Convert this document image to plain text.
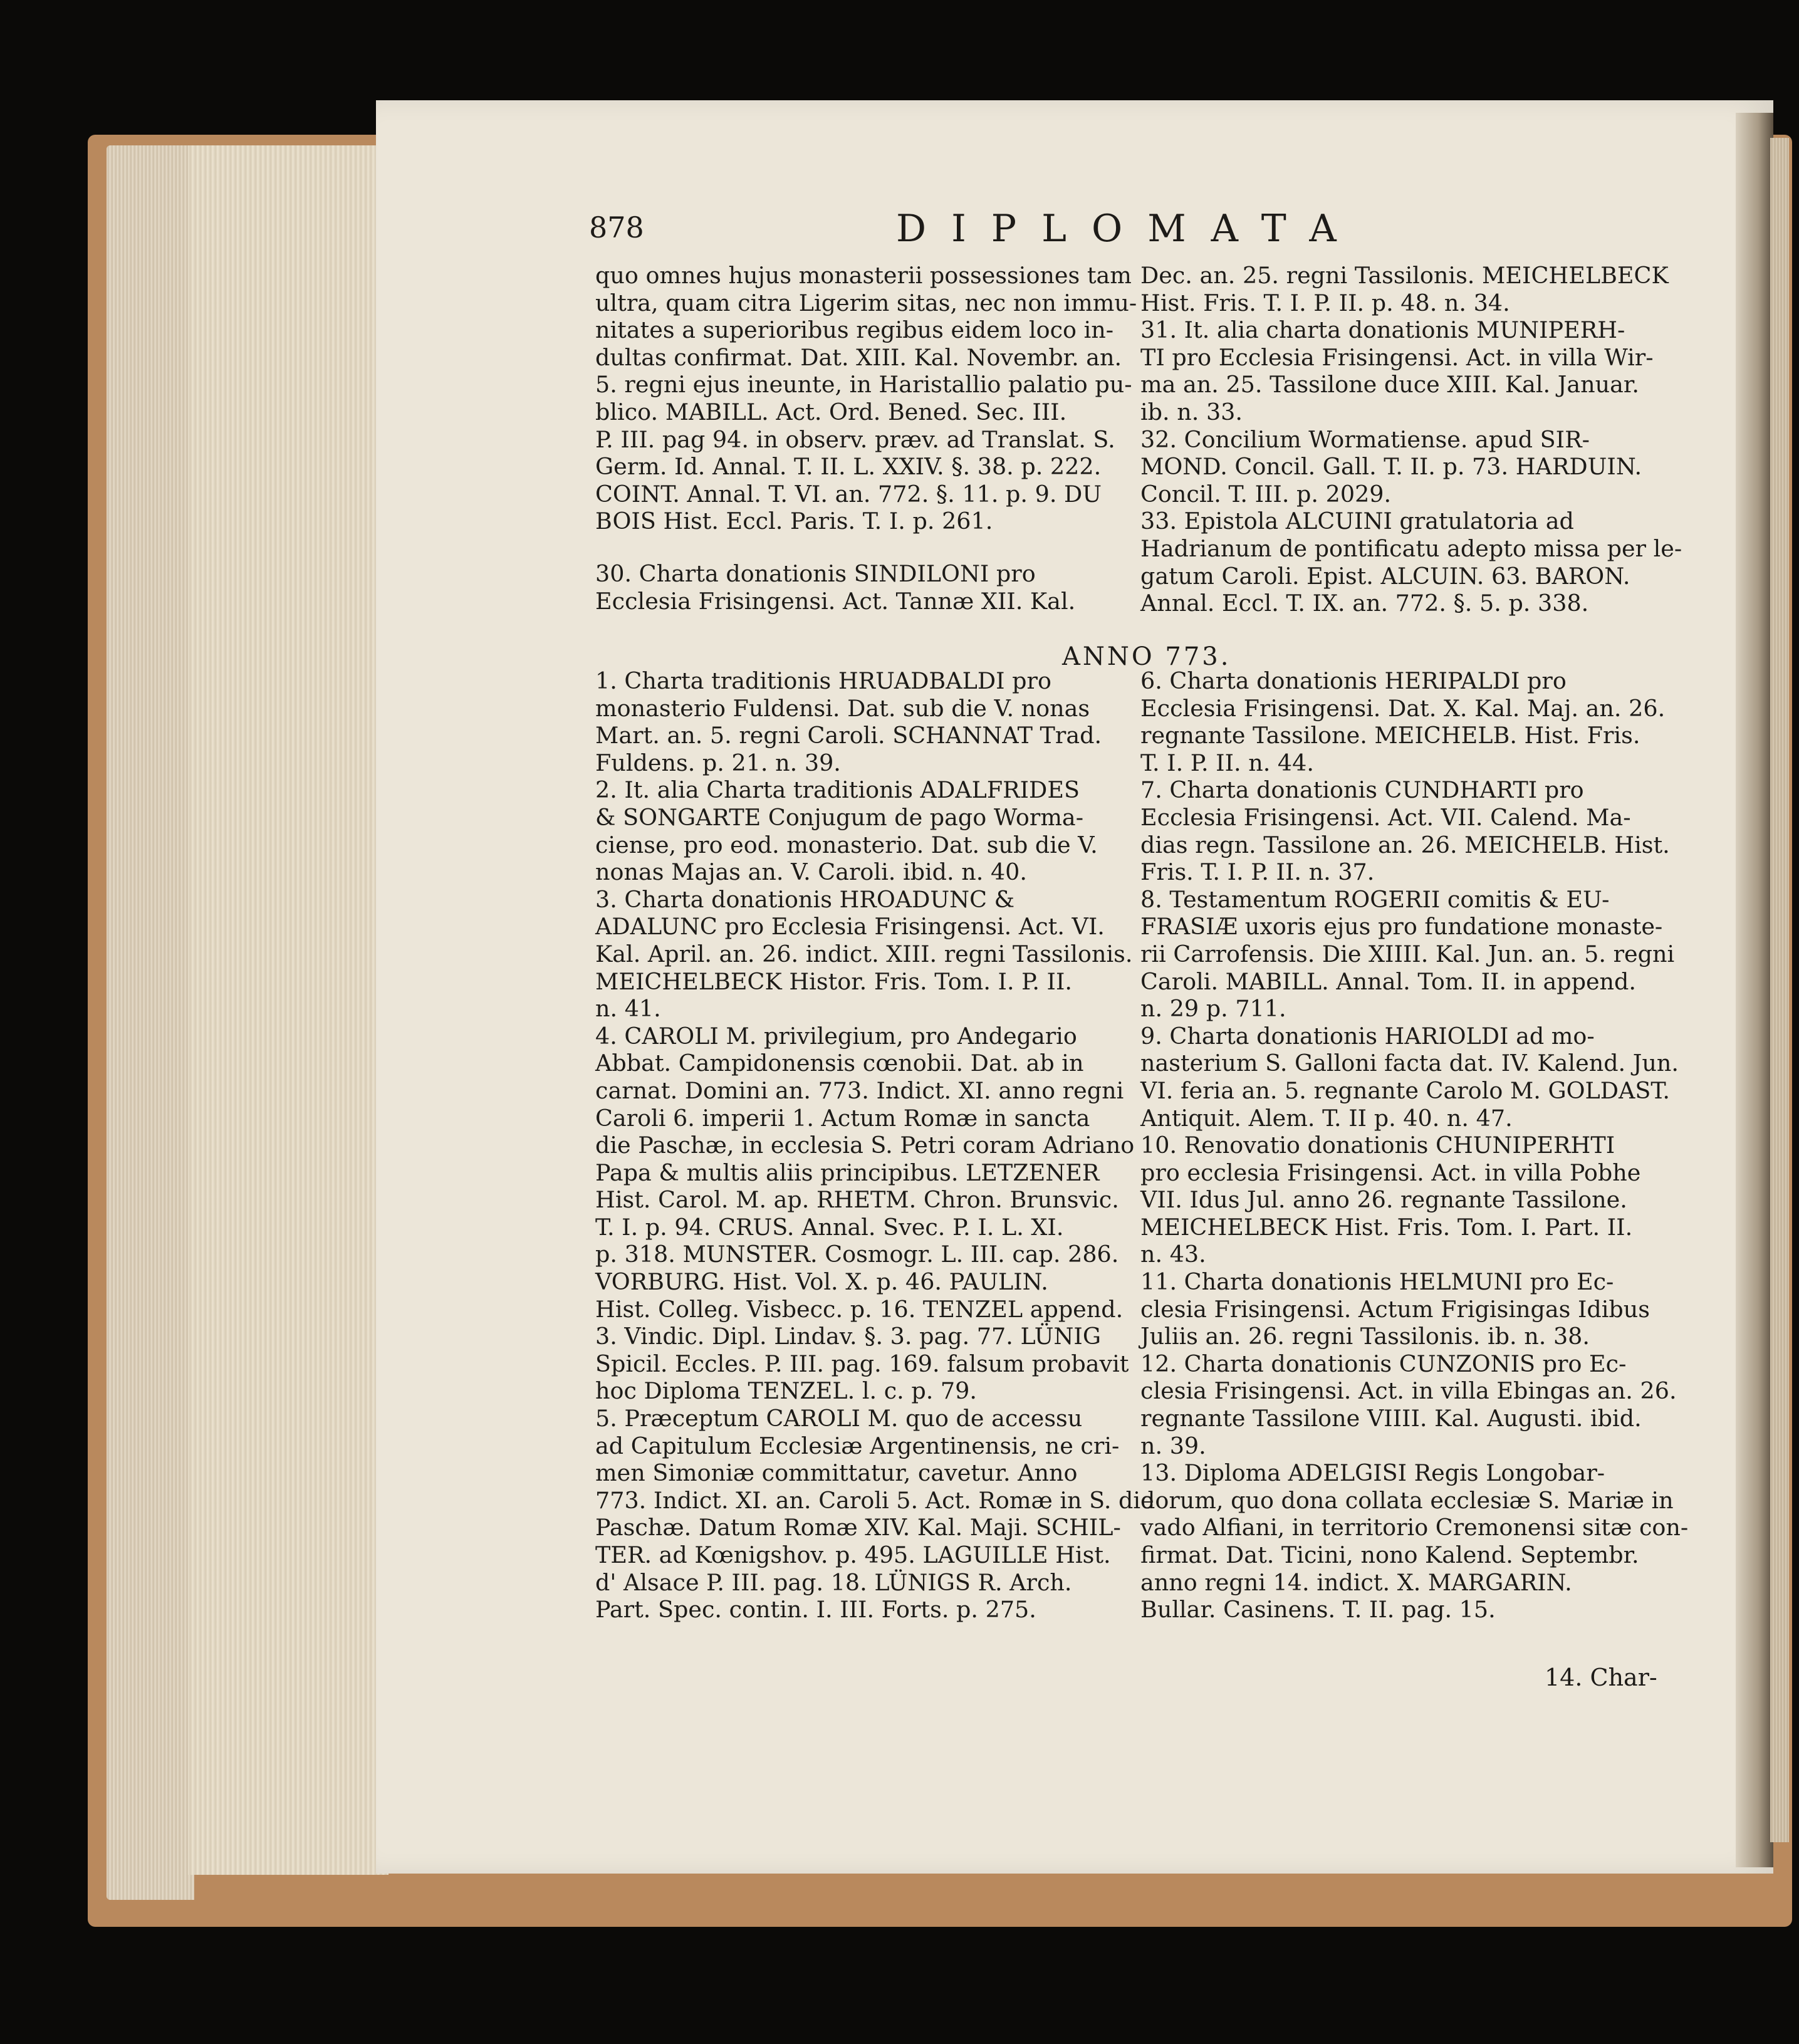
878	DIPLOMATA

quo omnes hujus monasterii possessiones tam

ultra, quam citra Ligerim sitas, nec non immu-

nitates a superioribus regibus eidem loco in-

dultas confirmat. Dat. XIII. Kal. Novembr. an.

5. regni ejus ineunte, in Haristallio palatio pu-

blico. MABILL. Act. Ord. Bened. Sec. III.

P. III. pag 94. in observ. præv. ad Translat. S.

Germ. Id. Annal. T. II. L. XXIV. §. 38. p. 222.

COINT. Annal. T. VI. an. 772. §. 11. p. 9. DU

BOIS Hist. Eccl. Paris. T. I. p. 261.

30. Charta donationis SINDILONI pro

Ecclesia Frisingensi. Act. Tannæ XII. Kal.

Dec. an. 25. regni Tassilonis. MEICHELBECK

Hist. Fris. T. I. P. II. p. 48. n. 34.

31. It. alia charta donationis MUNIPERH-

TI pro Ecclesia Frisingensi. Act. in villa Wir-

ma an. 25. Tassilone duce XIII. Kal. Januar.

ib. n. 33.

32. Concilium Wormatiense. apud SIR-

MOND. Concil. Gall. T. II. p. 73. HARDUIN.

Concil. T. III. p. 2029.

33. Epistola ALCUINI gratulatoria ad

Hadrianum de pontificatu adepto missa per le-

gatum Caroli. Epist. ALCUIN. 63. BARON.

Annal. Eccl. T. IX. an. 772. §. 5. p. 338.

ANNO 773.

1. Charta traditionis HRUADBALDI pro

monasterio Fuldensi. Dat. sub die V. nonas

Mart. an. 5. regni Caroli. SCHANNAT Trad.

Fuldens. p. 21. n. 39.

2. It. alia Charta traditionis ADALFRIDES

& SONGARTE Conjugum de pago Worma-

ciense, pro eod. monasterio. Dat. sub die V.

nonas Majas an. V. Caroli. ibid. n. 40.

3. Charta donationis HROADUNC &

ADALUNC pro Ecclesia Frisingensi. Act. VI.

Kal. April. an. 26. indict. XIII. regni Tassilonis.

MEICHELBECK Histor. Fris. Tom. I. P. II.

n. 41.

4. CAROLI M. privilegium, pro Andegario

Abbat. Campidonensis cœnobii. Dat. ab in

carnat. Domini an. 773. Indict. XI. anno regni

Caroli 6. imperii 1. Actum Romæ in sancta

die Paschæ, in ecclesia S. Petri coram Adriano

Papa & multis aliis principibus. LETZENER

Hist. Carol. M. ap. RHETM. Chron. Brunsvic.

T. I. p. 94. CRUS. Annal. Svec. P. I. L. XI.

p. 318. MUNSTER. Cosmogr. L. III. cap. 286.

VORBURG. Hist. Vol. X. p. 46. PAULIN.

Hist. Colleg. Visbecc. p. 16. TENZEL append.

3. Vindic. Dipl. Lindav. §. 3. pag. 77. LÜNIG

Spicil. Eccles. P. III. pag. 169. falsum probavit

hoc Diploma TENZEL. l. c. p. 79.

5. Præceptum CAROLI M. quo de accessu

ad Capitulum Ecclesiæ Argentinensis, ne cri-

men Simoniæ committatur, cavetur. Anno

773. Indict. XI. an. Caroli 5. Act. Romæ in S. die

Paschæ. Datum Romæ XIV. Kal. Maji. SCHIL-

TER. ad Kœnigshov. p. 495. LAGUILLE Hist.

d' Alsace P. III. pag. 18. LÜNIGS R. Arch.

Part. Spec. contin. I. III. Forts. p. 275.

6. Charta donationis HERIPALDI pro

Ecclesia Frisingensi. Dat. X. Kal. Maj. an. 26.

regnante Tassilone. MEICHELB. Hist. Fris.

T. I. P. II. n. 44.

7. Charta donationis CUNDHARTI pro

Ecclesia Frisingensi. Act. VII. Calend. Ma-

dias regn. Tassilone an. 26. MEICHELB. Hist.

Fris. T. I. P. II. n. 37.

8. Testamentum ROGERII comitis & EU-

FRASIÆ uxoris ejus pro fundatione monaste-

rii Carrofensis. Die XIIII. Kal. Jun. an. 5. regni

Caroli. MABILL. Annal. Tom. II. in append.

n. 29 p. 711.

9. Charta donationis HARIOLDI ad mo-

nasterium S. Galloni facta dat. IV. Kalend. Jun.

VI. feria an. 5. regnante Carolo M. GOLDAST.

Antiquit. Alem. T. II p. 40. n. 47.

10. Renovatio donationis CHUNIPERHTI

pro ecclesia Frisingensi. Act. in villa Pobhe

VII. Idus Jul. anno 26. regnante Tassilone.

MEICHELBECK Hist. Fris. Tom. I. Part. II.

n. 43.

11. Charta donationis HELMUNI pro Ec-

clesia Frisingensi. Actum Frigisingas Idibus

Juliis an. 26. regni Tassilonis. ib. n. 38.

12. Charta donationis CUNZONIS pro Ec-

clesia Frisingensi. Act. in villa Ebingas an. 26.

regnante Tassilone VIIII. Kal. Augusti. ibid.

n. 39.

13. Diploma ADELGISI Regis Longobar-

dorum, quo dona collata ecclesiæ S. Mariæ in

vado Alfiani, in territorio Cremonensi sitæ con-

firmat. Dat. Ticini, nono Kalend. Septembr.

anno regni 14. indict. X. MARGARIN.

Bullar. Casinens. T. II. pag. 15.

14. Char-
